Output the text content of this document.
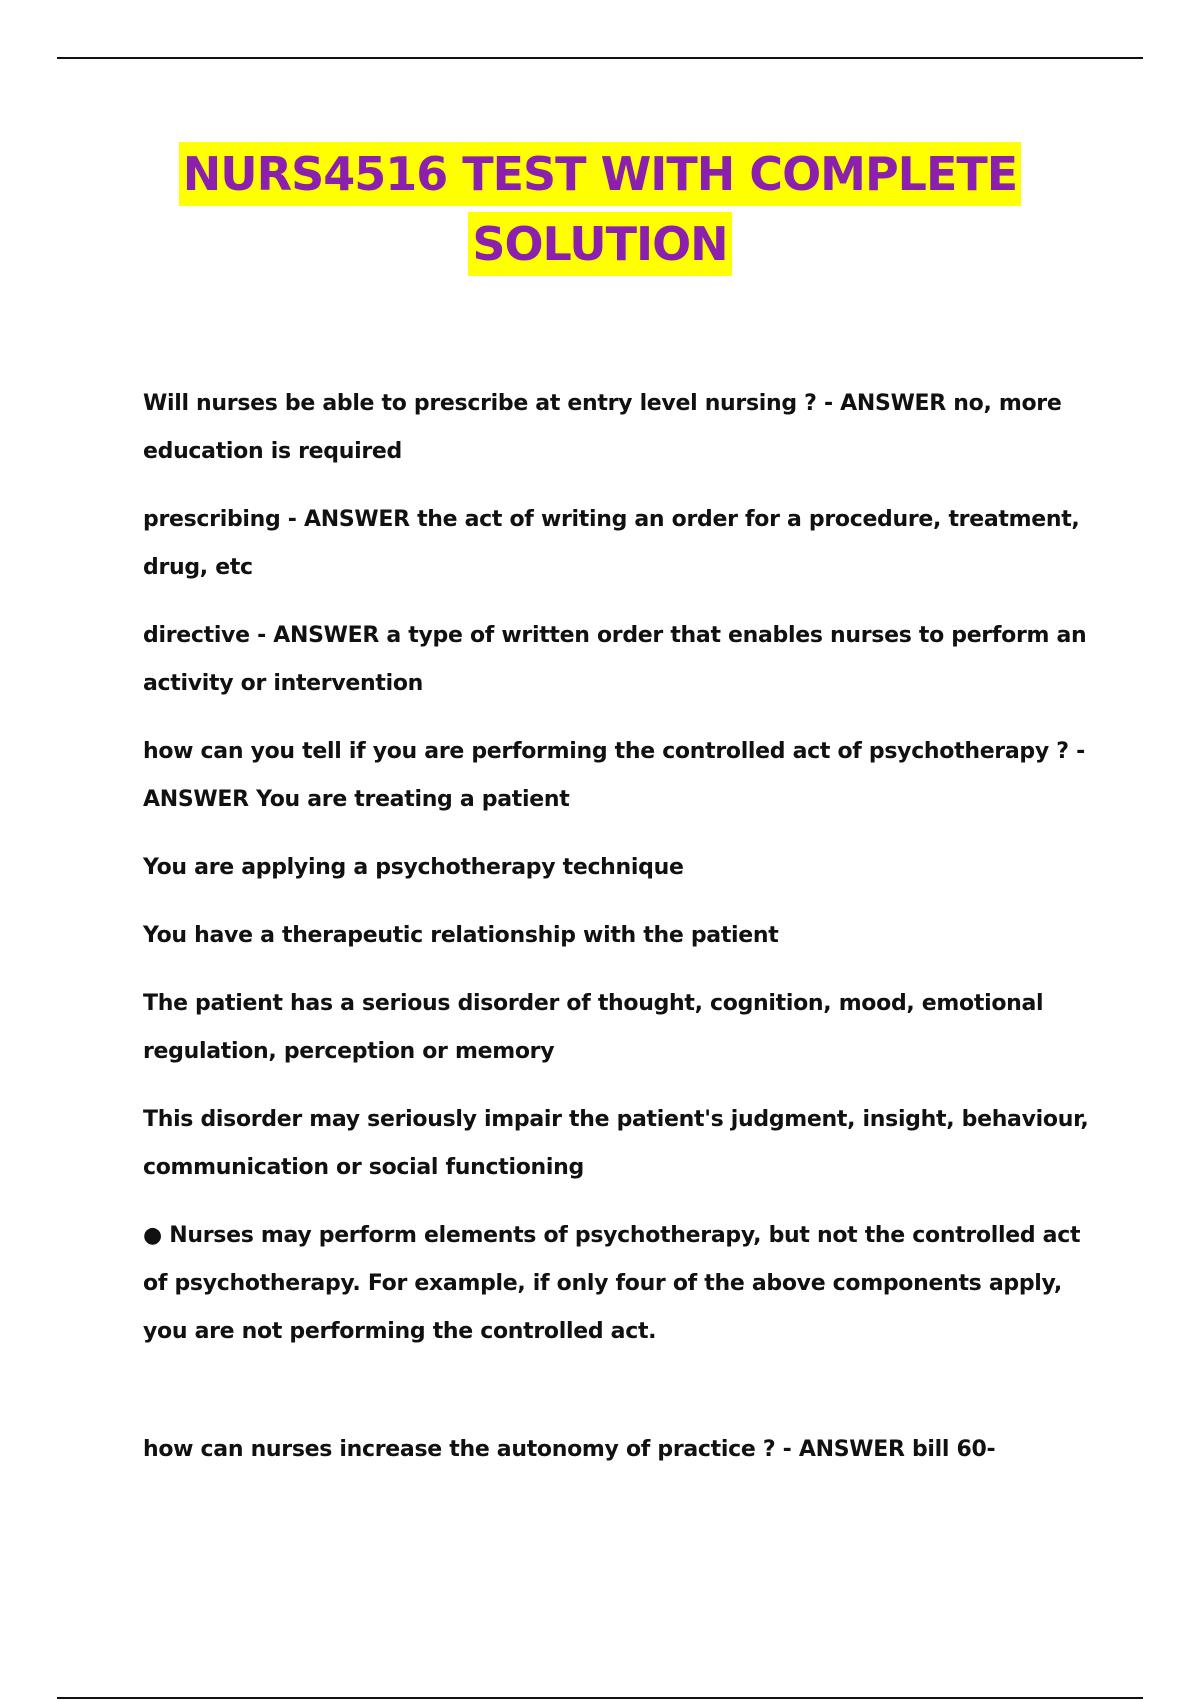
NURS4516 TEST WITH COMPLETE
SOLUTION

Will nurses be able to prescribe at entry level nursing ? - ANSWER no, more education is required

prescribing - ANSWER the act of writing an order for a procedure, treatment, drug, etc

directive - ANSWER a type of written order that enables nurses to perform an activity or intervention

how can you tell if you are performing the controlled act of psychotherapy ? - ANSWER You are treating a patient

You are applying a psychotherapy technique

You have a therapeutic relationship with the patient

The patient has a serious disorder of thought, cognition, mood, emotional regulation, perception or memory

This disorder may seriously impair the patient's judgment, insight, behaviour, communication or social functioning

● Nurses may perform elements of psychotherapy, but not the controlled act of psychotherapy. For example, if only four of the above components apply, you are not performing the controlled act.

how can nurses increase the autonomy of practice ? - ANSWER bill 60-
